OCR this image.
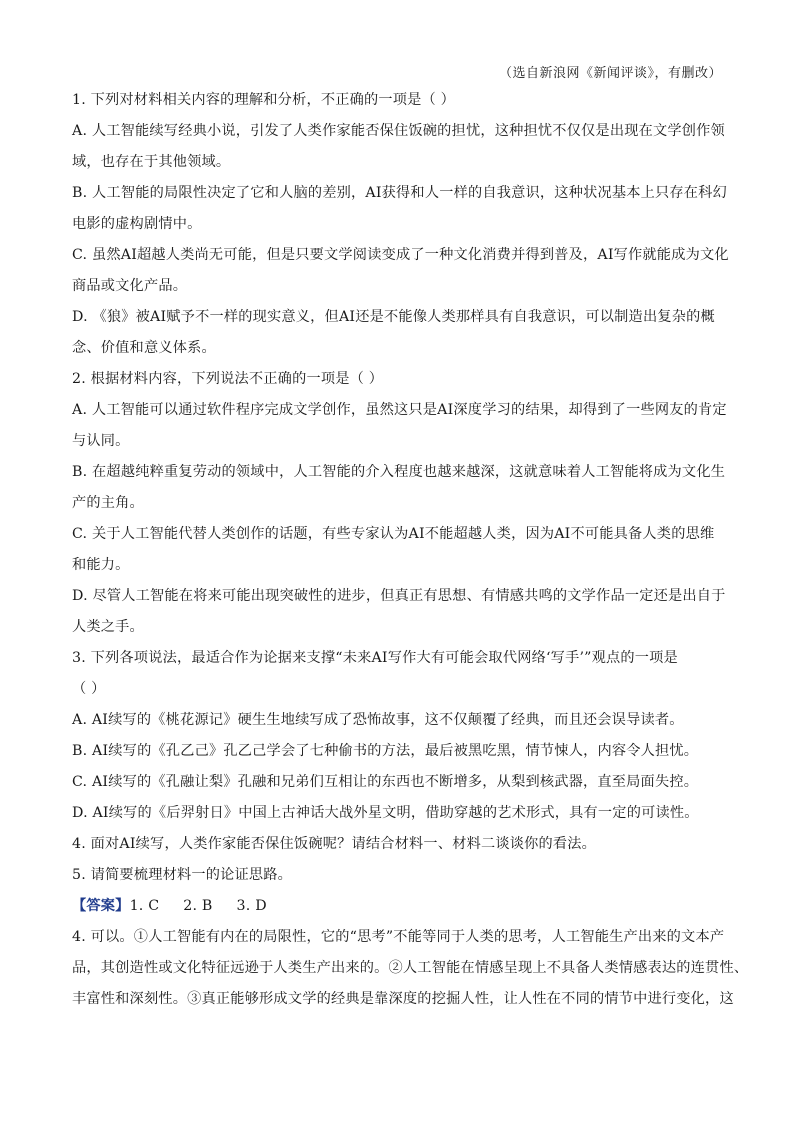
（选自新浪网《新闻评谈》，有删改）
1. 下列对材料相关内容的理解和分析，不正确的一项是（ ）
A. 人工智能续写经典小说，引发了人类作家能否保住饭碗的担忧，这种担忧不仅仅是出现在文学创作领
域，也存在于其他领域。
B. 人工智能的局限性决定了它和人脑的差别，AI获得和人一样的自我意识，这种状况基本上只存在科幻
电影的虚构剧情中。
C. 虽然AI超越人类尚无可能，但是只要文学阅读变成了一种文化消费并得到普及，AI写作就能成为文化
商品或文化产品。
D. 《狼》被AI赋予不一样的现实意义，但AI还是不能像人类那样具有自我意识，可以制造出复杂的概
念、价值和意义体系。
2. 根据材料内容，下列说法不正确的一项是（ ）
A. 人工智能可以通过软件程序完成文学创作，虽然这只是AI深度学习的结果，却得到了一些网友的肯定
与认同。
B. 在超越纯粹重复劳动的领域中，人工智能的介入程度也越来越深，这就意味着人工智能将成为文化生
产的主角。
C. 关于人工智能代替人类创作的话题，有些专家认为AI不能超越人类，因为AI不可能具备人类的思维
和能力。
D. 尽管人工智能在将来可能出现突破性的进步，但真正有思想、有情感共鸣的文学作品一定还是出自于
人类之手。
3. 下列各项说法，最适合作为论据来支撑“未来AI写作大有可能会取代网络‘写手’”观点的一项是
（ ）
A. AI续写的《桃花源记》硬生生地续写成了恐怖故事，这不仅颠覆了经典，而且还会误导读者。
B. AI续写的《孔乙己》孔乙己学会了七种偷书的方法，最后被黑吃黑，情节悚人，内容令人担忧。
C. AI续写的《孔融让梨》孔融和兄弟们互相让的东西也不断增多，从梨到核武器，直至局面失控。
D. AI续写的《后羿射日》中国上古神话大战外星文明，借助穿越的艺术形式，具有一定的可读性。
4. 面对AI续写，人类作家能否保住饭碗呢？请结合材料一、材料二谈谈你的看法。
5. 请简要梳理材料一的论证思路。
【答案】1. C 2. B 3. D
4. 可以。①人工智能有内在的局限性，它的“思考”不能等同于人类的思考，人工智能生产出来的文本产
品，其创造性或文化特征远逊于人类生产出来的。②人工智能在情感呈现上不具备人类情感表达的连贯性、
丰富性和深刻性。③真正能够形成文学的经典是靠深度的挖掘人性，让人性在不同的情节中进行变化，这
